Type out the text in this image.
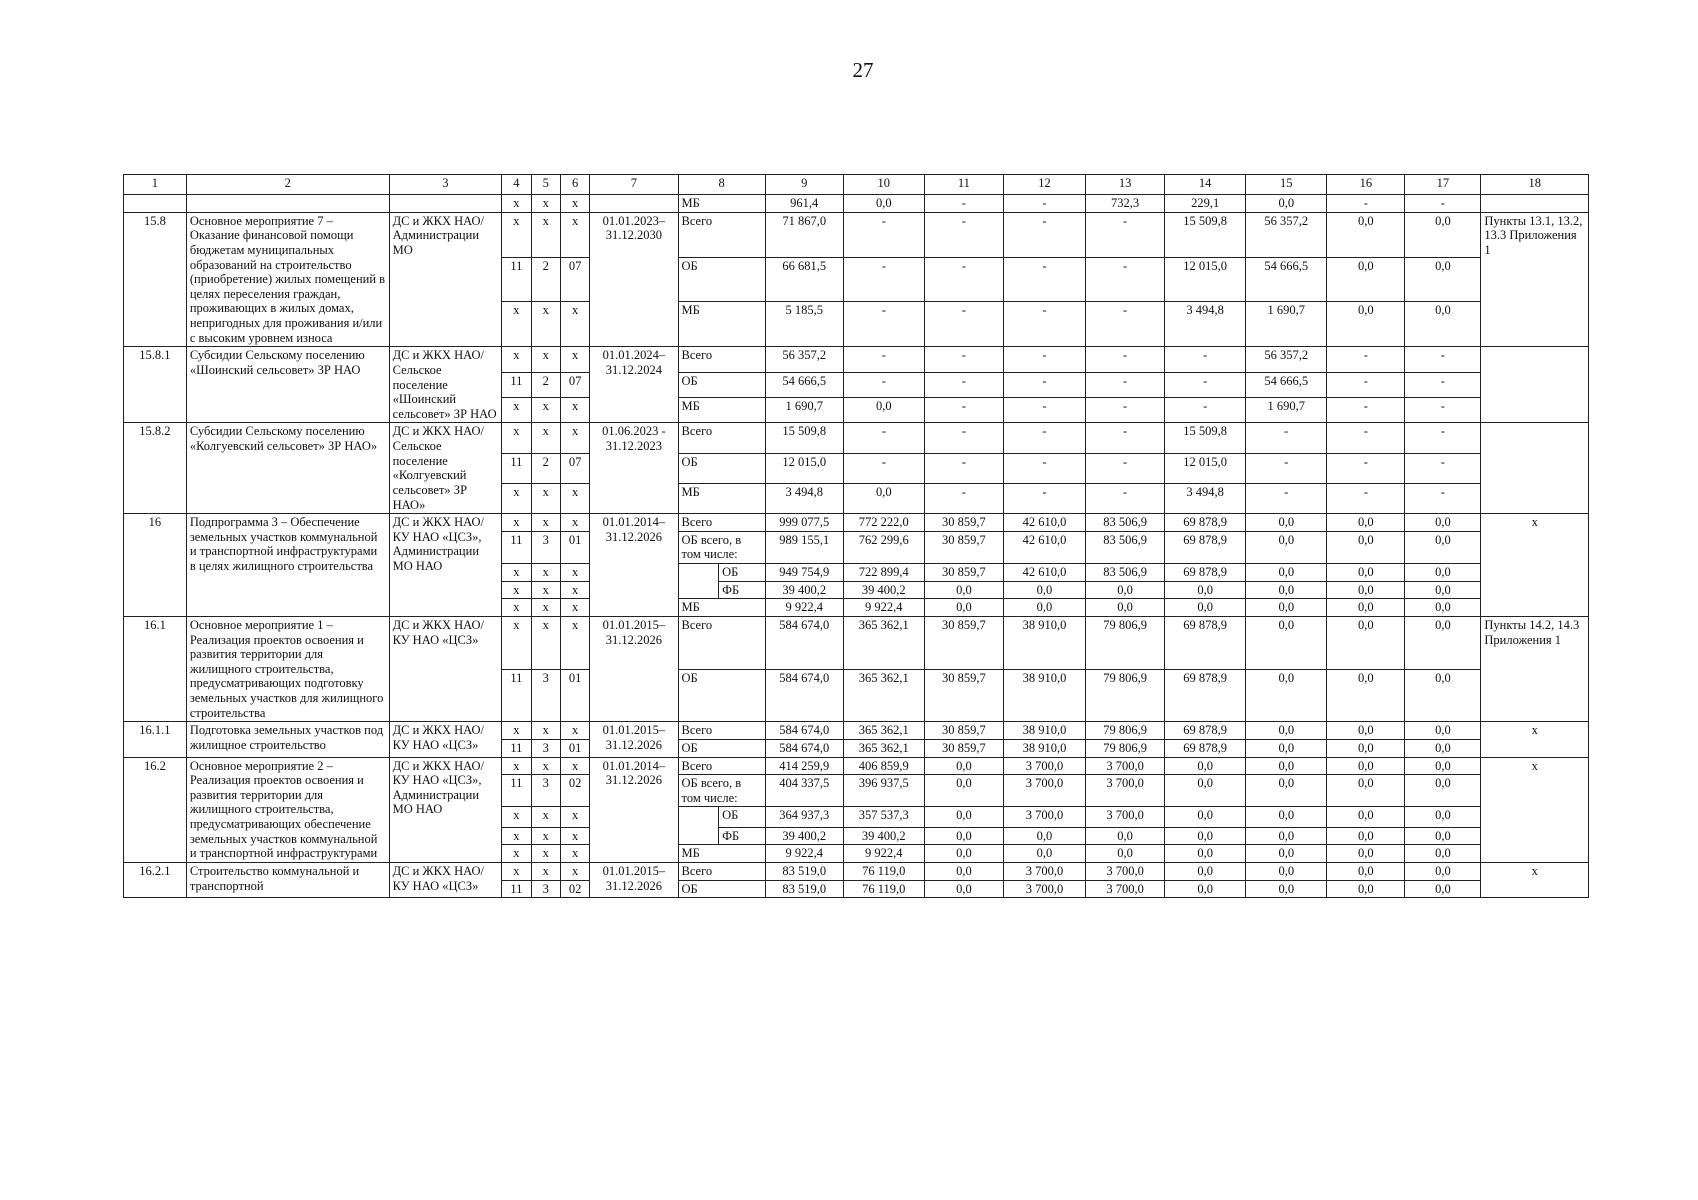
27
1	2	3	4	5	6	7	8		9	10	11	12	13	14	15	16	17	18
			x	x	x		МБ		961,4	0,0	-	-	732,3	229,1	0,0	-	-	
15.8	Основное мероприятие 7 – Оказание финансовой помощи бюджетам муниципальных образований на строительство (приобретение) жилых помещений в целях переселения граждан, проживающих в жилых домах, непригодных для проживания и/или с высоким уровнем износа	ДС и ЖКХ НАО/ Администрации МО	x	x	x	01.01.2023– 31.12.2030	Всего		71 867,0	-	-	-	-	15 509,8	56 357,2	0,0	0,0	Пункты 13.1, 13.2, 13.3 Приложения 1
			11	2	07		ОБ		66 681,5	-	-	-	-	12 015,0	54 666,5	0,0	0,0	
			x	x	x		МБ		5 185,5	-	-	-	-	3 494,8	1 690,7	0,0	0,0	
15.8.1	Субсидии Сельскому поселению «Шоинский сельсовет» ЗР НАО	ДС и ЖКХ НАО/ Сельское поселение «Шоинский сельсовет» ЗР НАО	x	x	x	01.01.2024– 31.12.2024	Всего		56 357,2	-	-	-	-	-	56 357,2	-	-	
			11	2	07		ОБ		54 666,5	-	-	-	-	-	54 666,5	-	-	
			x	x	x		МБ		1 690,7	0,0	-	-	-	-	1 690,7	-	-	
15.8.2	Субсидии Сельскому поселению «Колгуевский сельсовет» ЗР НАО»	ДС и ЖКХ НАО/ Сельское поселение «Колгуевский сельсовет» ЗР НАО»	x	x	x	01.06.2023 - 31.12.2023	Всего		15 509,8	-	-	-	-	15 509,8	-	-	-	
			11	2	07		ОБ		12 015,0	-	-	-	-	12 015,0	-	-	-	
			x	x	x		МБ		3 494,8	0,0	-	-	-	3 494,8	-	-	-	
16	Подпрограмма 3 – Обеспечение земельных участков коммунальной и транспортной инфраструктурами в целях жилищного строительства	ДС и ЖКХ НАО/ КУ НАО «ЦСЗ», Администрации МО НАО	x	x	x	01.01.2014– 31.12.2026	Всего		999 077,5	772 222,0	30 859,7	42 610,0	83 506,9	69 878,9	0,0	0,0	0,0	x
			11	3	01		ОБ всего, в том числе:		989 155,1	762 299,6	30 859,7	42 610,0	83 506,9	69 878,9	0,0	0,0	0,0	
			x	x	x			ОБ	949 754,9	722 899,4	30 859,7	42 610,0	83 506,9	69 878,9	0,0	0,0	0,0	
			x	x	x			ФБ	39 400,2	39 400,2	0,0	0,0	0,0	0,0	0,0	0,0	0,0	
			x	x	x		МБ		9 922,4	9 922,4	0,0	0,0	0,0	0,0	0,0	0,0	0,0	
16.1	Основное мероприятие 1 – Реализация проектов освоения и развития территории для жилищного строительства, предусматривающих подготовку земельных участков для жилищного строительства	ДС и ЖКХ НАО/ КУ НАО «ЦСЗ»	x	x	x	01.01.2015– 31.12.2026	Всего		584 674,0	365 362,1	30 859,7	38 910,0	79 806,9	69 878,9	0,0	0,0	0,0	Пункты 14.2, 14.3 Приложения 1
			11	3	01		ОБ		584 674,0	365 362,1	30 859,7	38 910,0	79 806,9	69 878,9	0,0	0,0	0,0	
16.1.1	Подготовка земельных участков под жилищное строительство	ДС и ЖКХ НАО/ КУ НАО «ЦСЗ»	x	x	x	01.01.2015– 31.12.2026	Всего		584 674,0	365 362,1	30 859,7	38 910,0	79 806,9	69 878,9	0,0	0,0	0,0	x
			11	3	01		ОБ		584 674,0	365 362,1	30 859,7	38 910,0	79 806,9	69 878,9	0,0	0,0	0,0	
16.2	Основное мероприятие 2 – Реализация проектов освоения и развития территории для жилищного строительства, предусматривающих обеспечение земельных участков коммунальной и транспортной инфраструктурами	ДС и ЖКХ НАО/ КУ НАО «ЦСЗ», Администрации МО НАО	x	x	x	01.01.2014– 31.12.2026	Всего		414 259,9	406 859,9	0,0	3 700,0	3 700,0	0,0	0,0	0,0	0,0	x
			11	3	02		ОБ всего, в том числе:		404 337,5	396 937,5	0,0	3 700,0	3 700,0	0,0	0,0	0,0	0,0	
			x	x	x			ОБ	364 937,3	357 537,3	0,0	3 700,0	3 700,0	0,0	0,0	0,0	0,0	
			x	x	x			ФБ	39 400,2	39 400,2	0,0	0,0	0,0	0,0	0,0	0,0	0,0	
			x	x	x		МБ		9 922,4	9 922,4	0,0	0,0	0,0	0,0	0,0	0,0	0,0	
16.2.1	Строительство коммунальной и транспортной	ДС и ЖКХ НАО/ КУ НАО «ЦСЗ»	x	x	x	01.01.2015– 31.12.2026	Всего		83 519,0	76 119,0	0,0	3 700,0	3 700,0	0,0	0,0	0,0	0,0	x
			11	3	02		ОБ		83 519,0	76 119,0	0,0	3 700,0	3 700,0	0,0	0,0	0,0	0,0	
